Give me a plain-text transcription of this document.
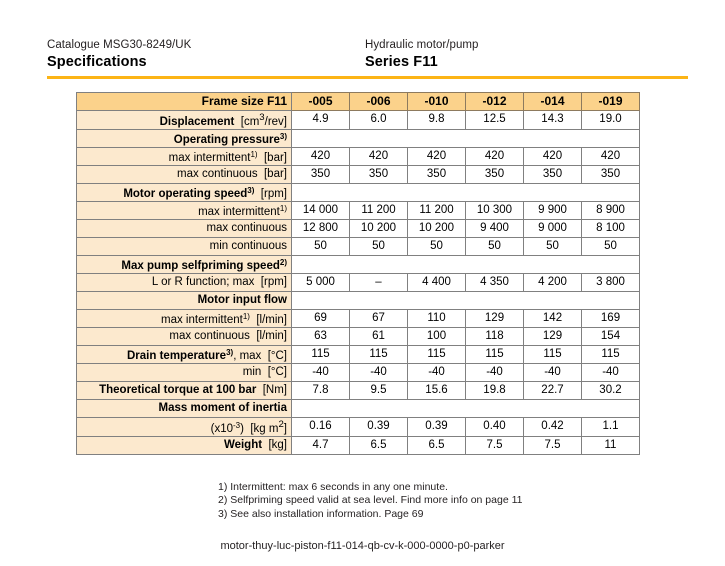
Catalogue MSG30-8249/UK
Specifications
Hydraulic motor/pump
Series F11
Frame size F11	-005	-006	-010	-012	-014	-019
Displacement  $[cm^3/rev]$	4.9	6.0	9.8	12.5	14.3	19.0
Operating pressure$^{3)}$	
max intermittent$^{1)}$  [bar]	420	420	420	420	420	420
max continuous  [bar]	350	350	350	350	350	350
Motor operating speed$^{3)}$  [rpm]						
max intermittent$^{1)}$	14 000	11 200	11 200	10 300	9 900	8 900
max continuous	12 800	10 200	10 200	9 400	9 000	8 100
min continuous	50	50	50	50	50	50
Max pump selfpriming speed$^{2)}$	
L or R function; max  [rpm]	5 000	–	4 400	4 350	4 200	3 800
Motor input flow						
max intermittent$^{1)}$  [l/min]	69	67	110	129	142	169
max continuous  [l/min]	63	61	100	118	129	154
Drain temperature$^{3)}$, max  [°C]	115	115	115	115	115	115
min  [°C]	-40	-40	-40	-40	-40	-40
Theoretical torque at 100 bar  [Nm]	7.8	9.5	15.6	19.8	22.7	30.2
Mass moment of inertia						
$(x10^{-3})$  [kg $m^2$]	0.16	0.39	0.39	0.40	0.42	1.1
Weight  [kg]	4.7	6.5	6.5	7.5	7.5	11
1) Intermittent: max 6 seconds in any one minute.
2) Selfpriming speed valid at sea level. Find more info on page 11
3) See also installation information. Page 69
motor-thuy-luc-piston-f11-014-qb-cv-k-000-0000-p0-parker
